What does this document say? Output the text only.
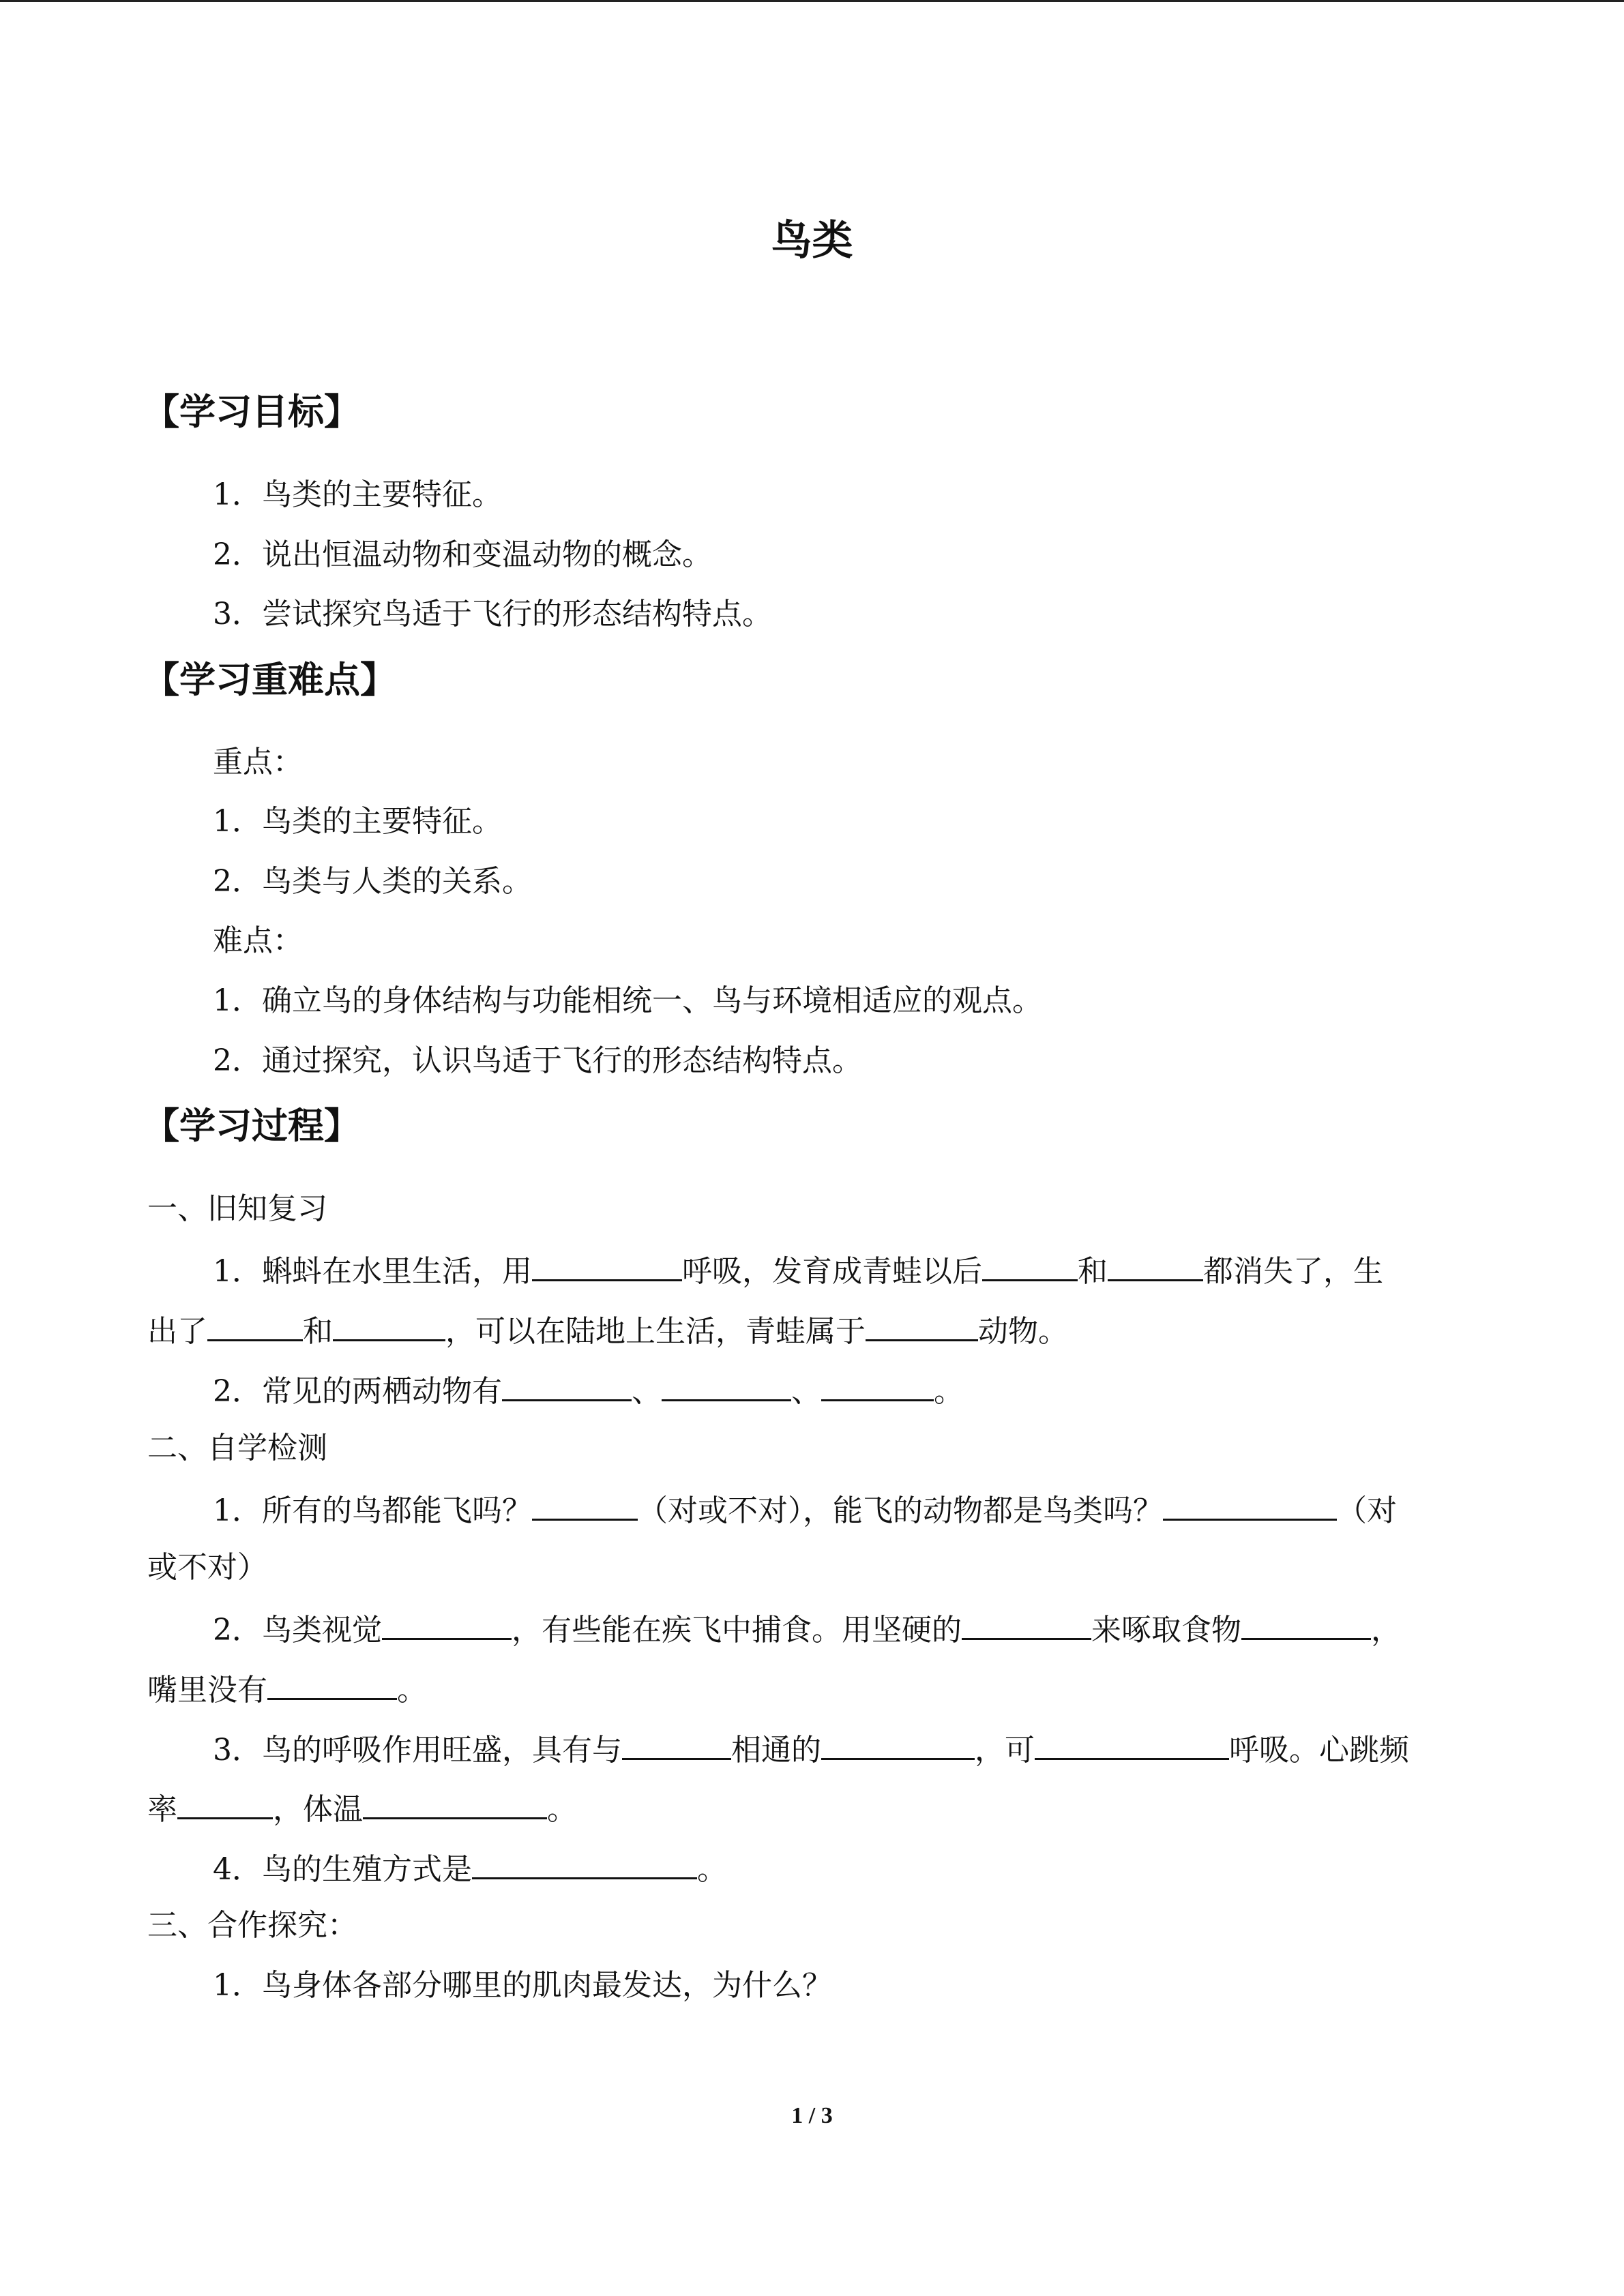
鸟类
【学习目标】
1．鸟类的主要特征。
2．说出恒温动物和变温动物的概念。
3．尝试探究鸟适于飞行的形态结构特点。
【学习重难点】
重点：
1．鸟类的主要特征。
2．鸟类与人类的关系。
难点：
1．确立鸟的身体结构与功能相统一、鸟与环境相适应的观点。
2．通过探究，认识鸟适于飞行的形态结构特点。
【学习过程】
一、旧知复习
1．蝌蚪在水里生活，用	呼吸，发育成青蛙以后	和	都消失了，生
出了	和	，可以在陆地上生活，青蛙属于	动物。
2．常见的两栖动物有	、	、	。
二、自学检测
1．所有的鸟都能飞吗？	（对或不对），能飞的动物都是鸟类吗？	（对
或不对）
2．鸟类视觉	，有些能在疾飞中捕食。用坚硬的	来啄取食物	，
嘴里没有	。
3．鸟的呼吸作用旺盛，具有与	相通的	，可	呼吸。心跳频
率	，体温	。
4．鸟的生殖方式是	。
三、合作探究：
1．鸟身体各部分哪里的肌肉最发达，为什么？
1 / 3
